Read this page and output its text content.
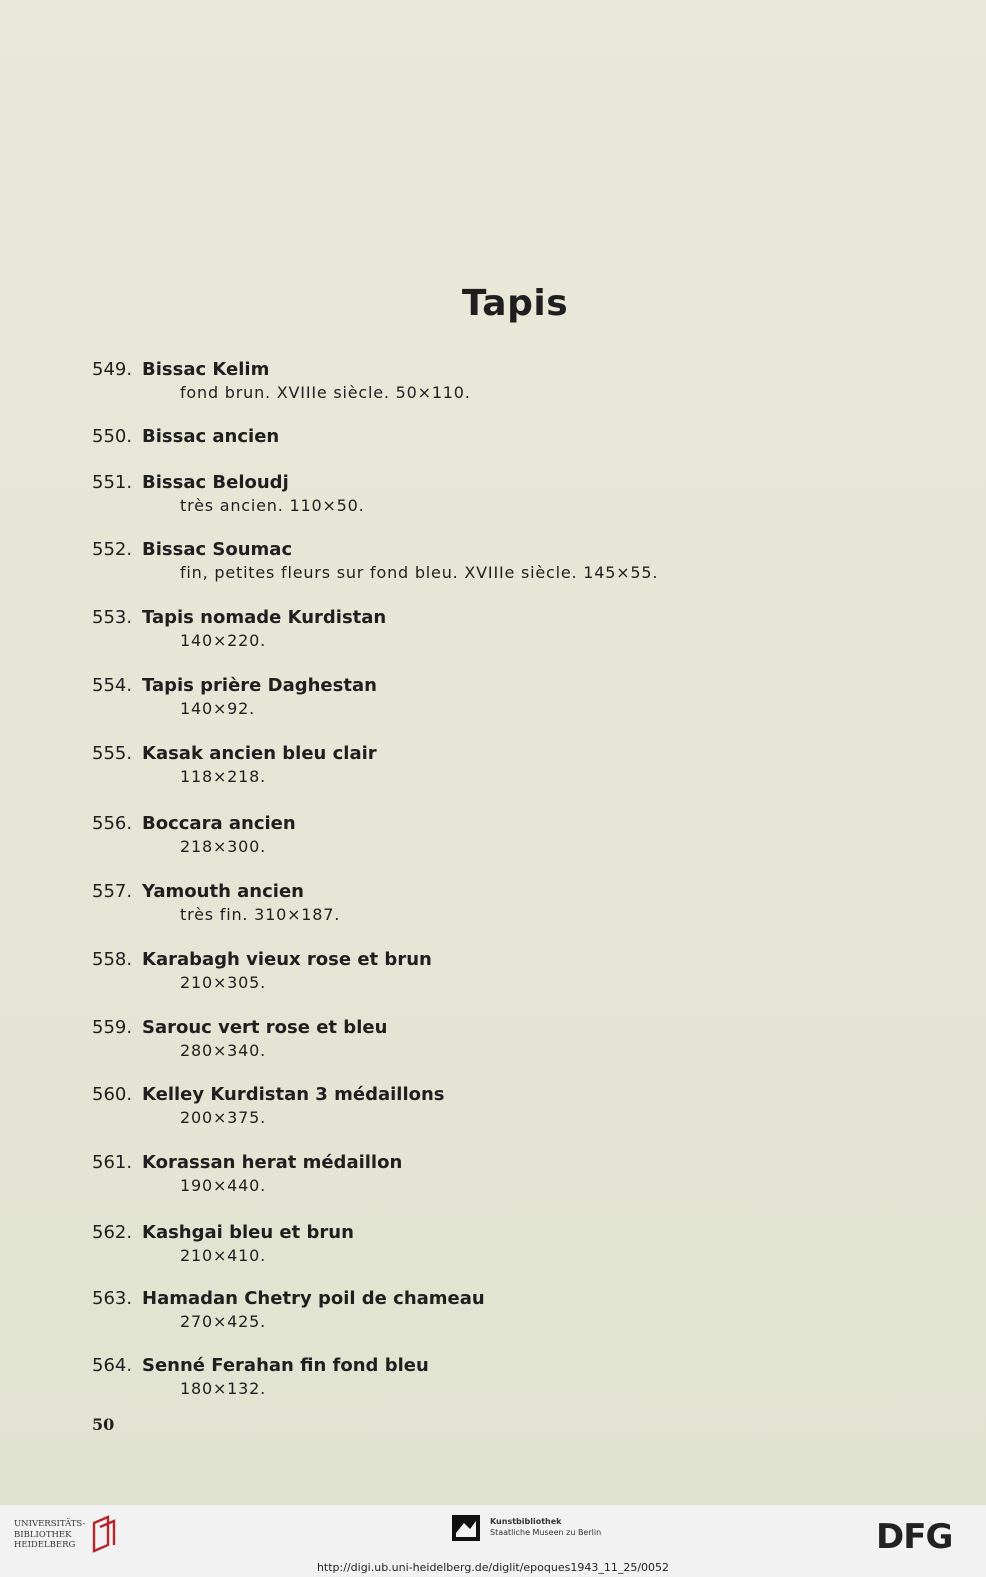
Tapis
549. Bissac Kelim
fond brun. XVIIIe siècle. 50×110.
550. Bissac ancien
551. Bissac Beloudj
très ancien. 110×50.
552. Bissac Soumac
fin, petites fleurs sur fond bleu. XVIIIe siècle. 145×55.
553. Tapis nomade Kurdistan
140×220.
554. Tapis prière Daghestan
140×92.
555. Kasak ancien bleu clair
118×218.
556. Boccara ancien
218×300.
557. Yamouth ancien
très fin. 310×187.
558. Karabagh vieux rose et brun
210×305.
559. Sarouc vert rose et bleu
280×340.
560. Kelley Kurdistan 3 médaillons
200×375.
561. Korassan herat médaillon
190×440.
562. Kashgai bleu et brun
210×410.
563. Hamadan Chetry poil de chameau
270×425.
564. Senné Ferahan fin fond bleu
180×132.
50
UNIVERSITÄTS-
BIBLIOTHEK
HEIDELBERG
Kunstbibliothek
Staatliche Museen zu Berlin	DFG
http://digi.ub.uni-heidelberg.de/diglit/epoques1943_11_25/0052
